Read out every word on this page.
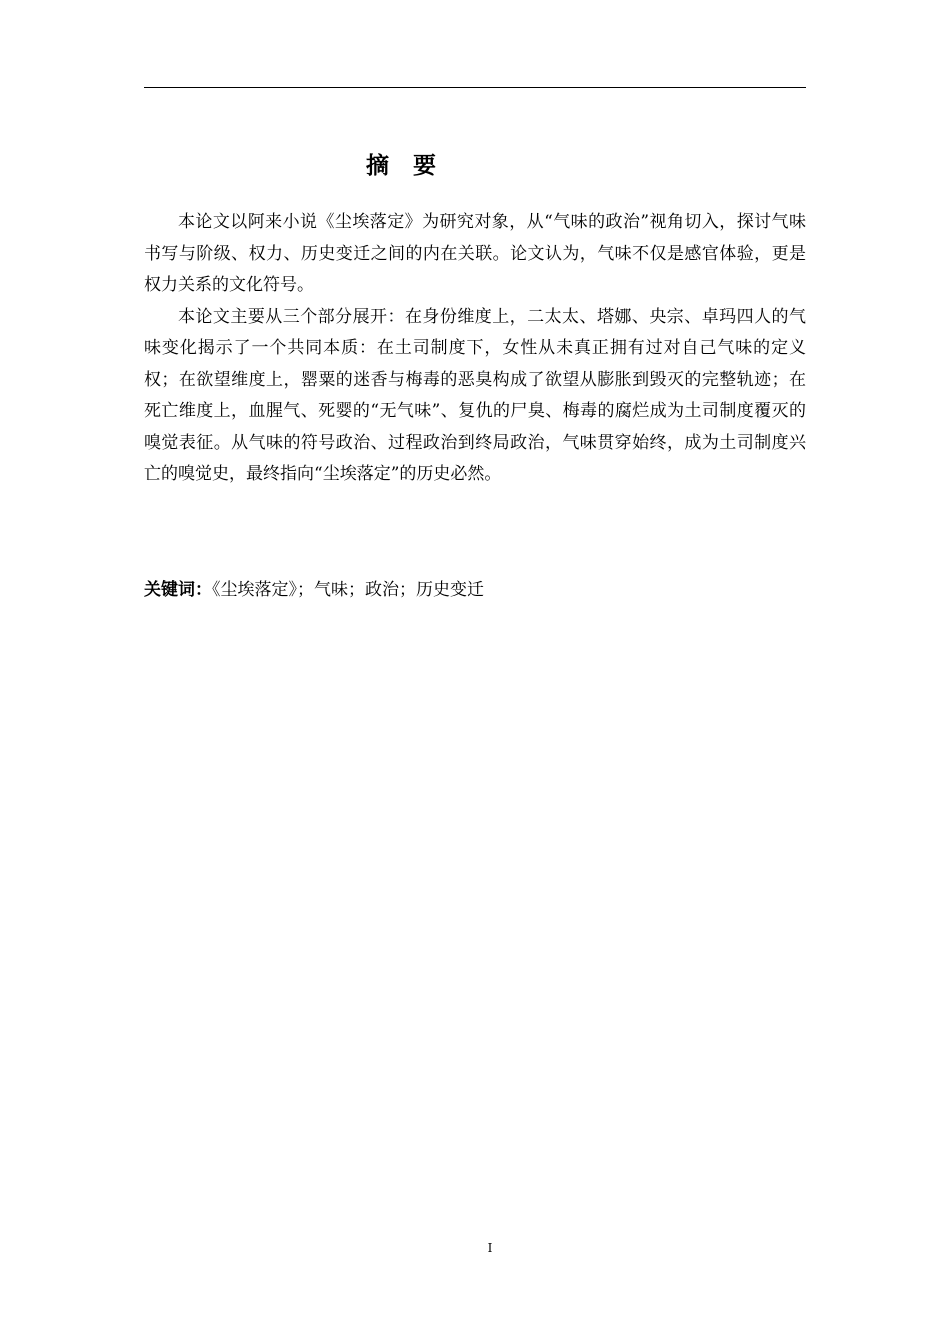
摘要

本论文以阿来小说《尘埃落定》为研究对象，从“气味的政治”视角切入，探讨气味书写与阶级、权力、历史变迁之间的内在关联。论文认为，气味不仅是感官体验，更是权力关系的文化符号。

本论文主要从三个部分展开：在身份维度上，二太太、塔娜、央宗、卓玛四人的气味变化揭示了一个共同本质：在土司制度下，女性从未真正拥有过对自己气味的定义权；在欲望维度上，罂粟的迷香与梅毒的恶臭构成了欲望从膨胀到毁灭的完整轨迹；在死亡维度上，血腥气、死婴的“无气味”、复仇的尸臭、梅毒的腐烂成为土司制度覆灭的嗅觉表征。从气味的符号政治、过程政治到终局政治，气味贯穿始终，成为土司制度兴亡的嗅觉史，最终指向“尘埃落定”的历史必然。

关键词：《尘埃落定》；气味；政治；历史变迁

I
